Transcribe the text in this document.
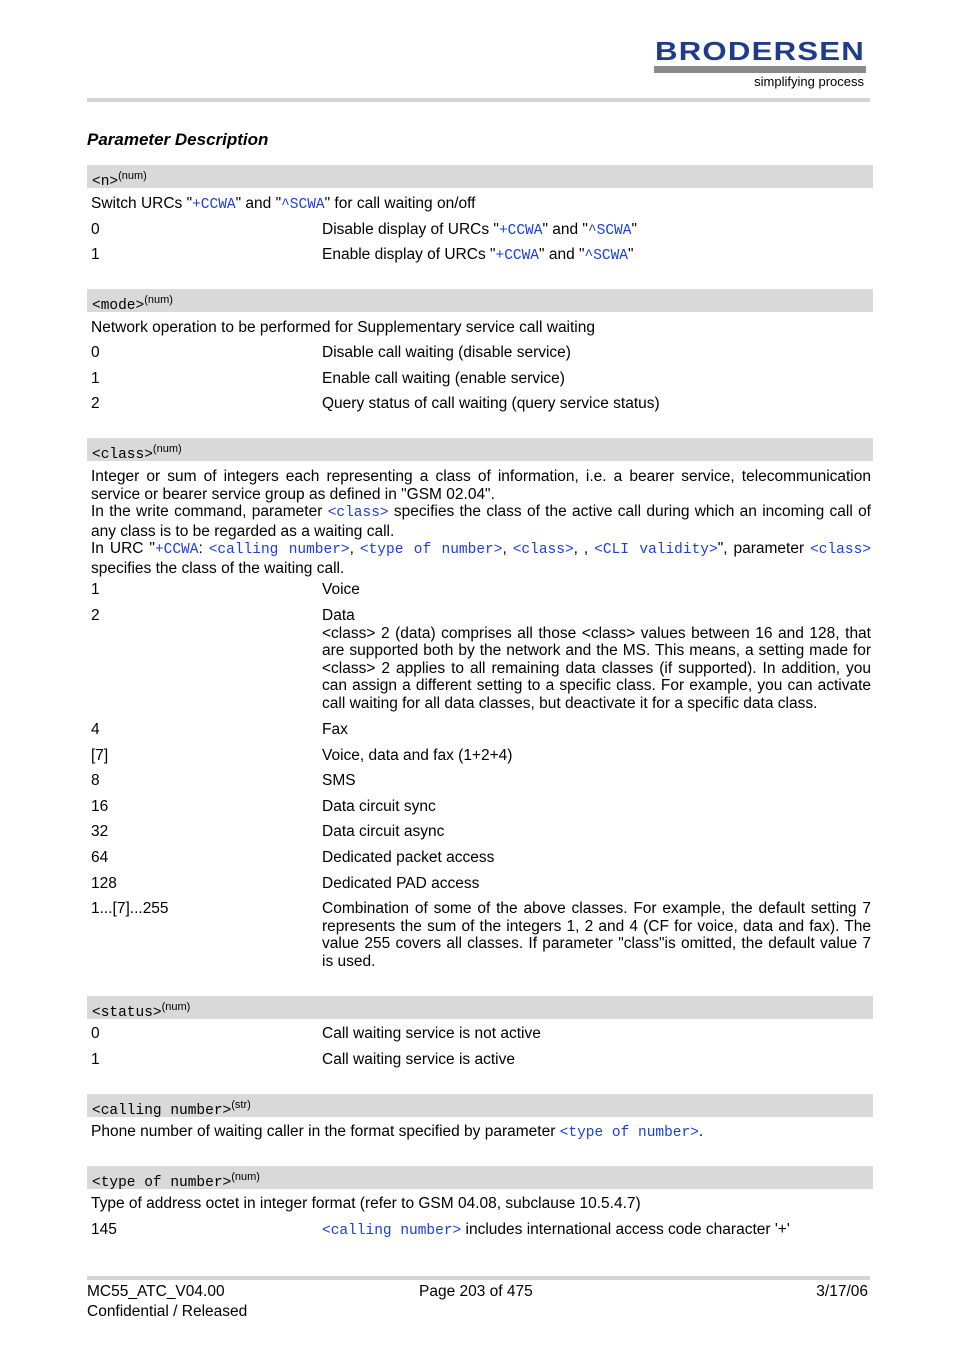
BRODERSEN
simplifying process
Parameter Description
<n>$^{(num)}$
Switch URCs "+CCWA" and "^SCWA" for call waiting on/off
0	Disable display of URCs "+CCWA" and "^SCWA"
1	Enable display of URCs "+CCWA" and "^SCWA"
<mode>$^{(num)}$
Network operation to be performed for Supplementary service call waiting
0	Disable call waiting (disable service)
1	Enable call waiting (enable service)
2	Query status of call waiting (query service status)
<class>$^{(num)}$
Integer or sum of integers each representing a class of information, i.e. a bearer service, telecommunication service or bearer service group as defined in "GSM 02.04".
In the write command, parameter <class> specifies the class of the active call during which an incoming call of any class is to be regarded as a waiting call.
In URC "+CCWA: <calling number>, <type of number>, <class>, , <CLI validity>", parameter <class> specifies the class of the waiting call.
1	Voice
2	Data
<class> 2 (data) comprises all those <class> values between 16 and 128, that are supported both by the network and the MS. This means, a setting made for <class> 2 applies to all remaining data classes (if supported). In addition, you can assign a different setting to a specific class. For example, you can activate call waiting for all data classes, but deactivate it for a specific data class.
4	Fax
[7]	Voice, data and fax (1+2+4)
8	SMS
16	Data circuit sync
32	Data circuit async
64	Dedicated packet access
128	Dedicated PAD access
1...[7]...255	Combination of some of the above classes. For example, the default setting 7 represents the sum of the integers 1, 2 and 4 (CF for voice, data and fax). The value 255 covers all classes. If parameter "class"is omitted, the default value 7 is used.
<status>$^{(num)}$
0	Call waiting service is not active
1	Call waiting service is active
<calling number>$^{(str)}$
Phone number of waiting caller in the format specified by parameter <type of number>.
<type of number>$^{(num)}$
Type of address octet in integer format (refer to GSM 04.08, subclause 10.5.4.7)
145	<calling number> includes international access code character '+'
MC55_ATC_V04.00
Confidential / Released
Page 203 of 475	3/17/06
